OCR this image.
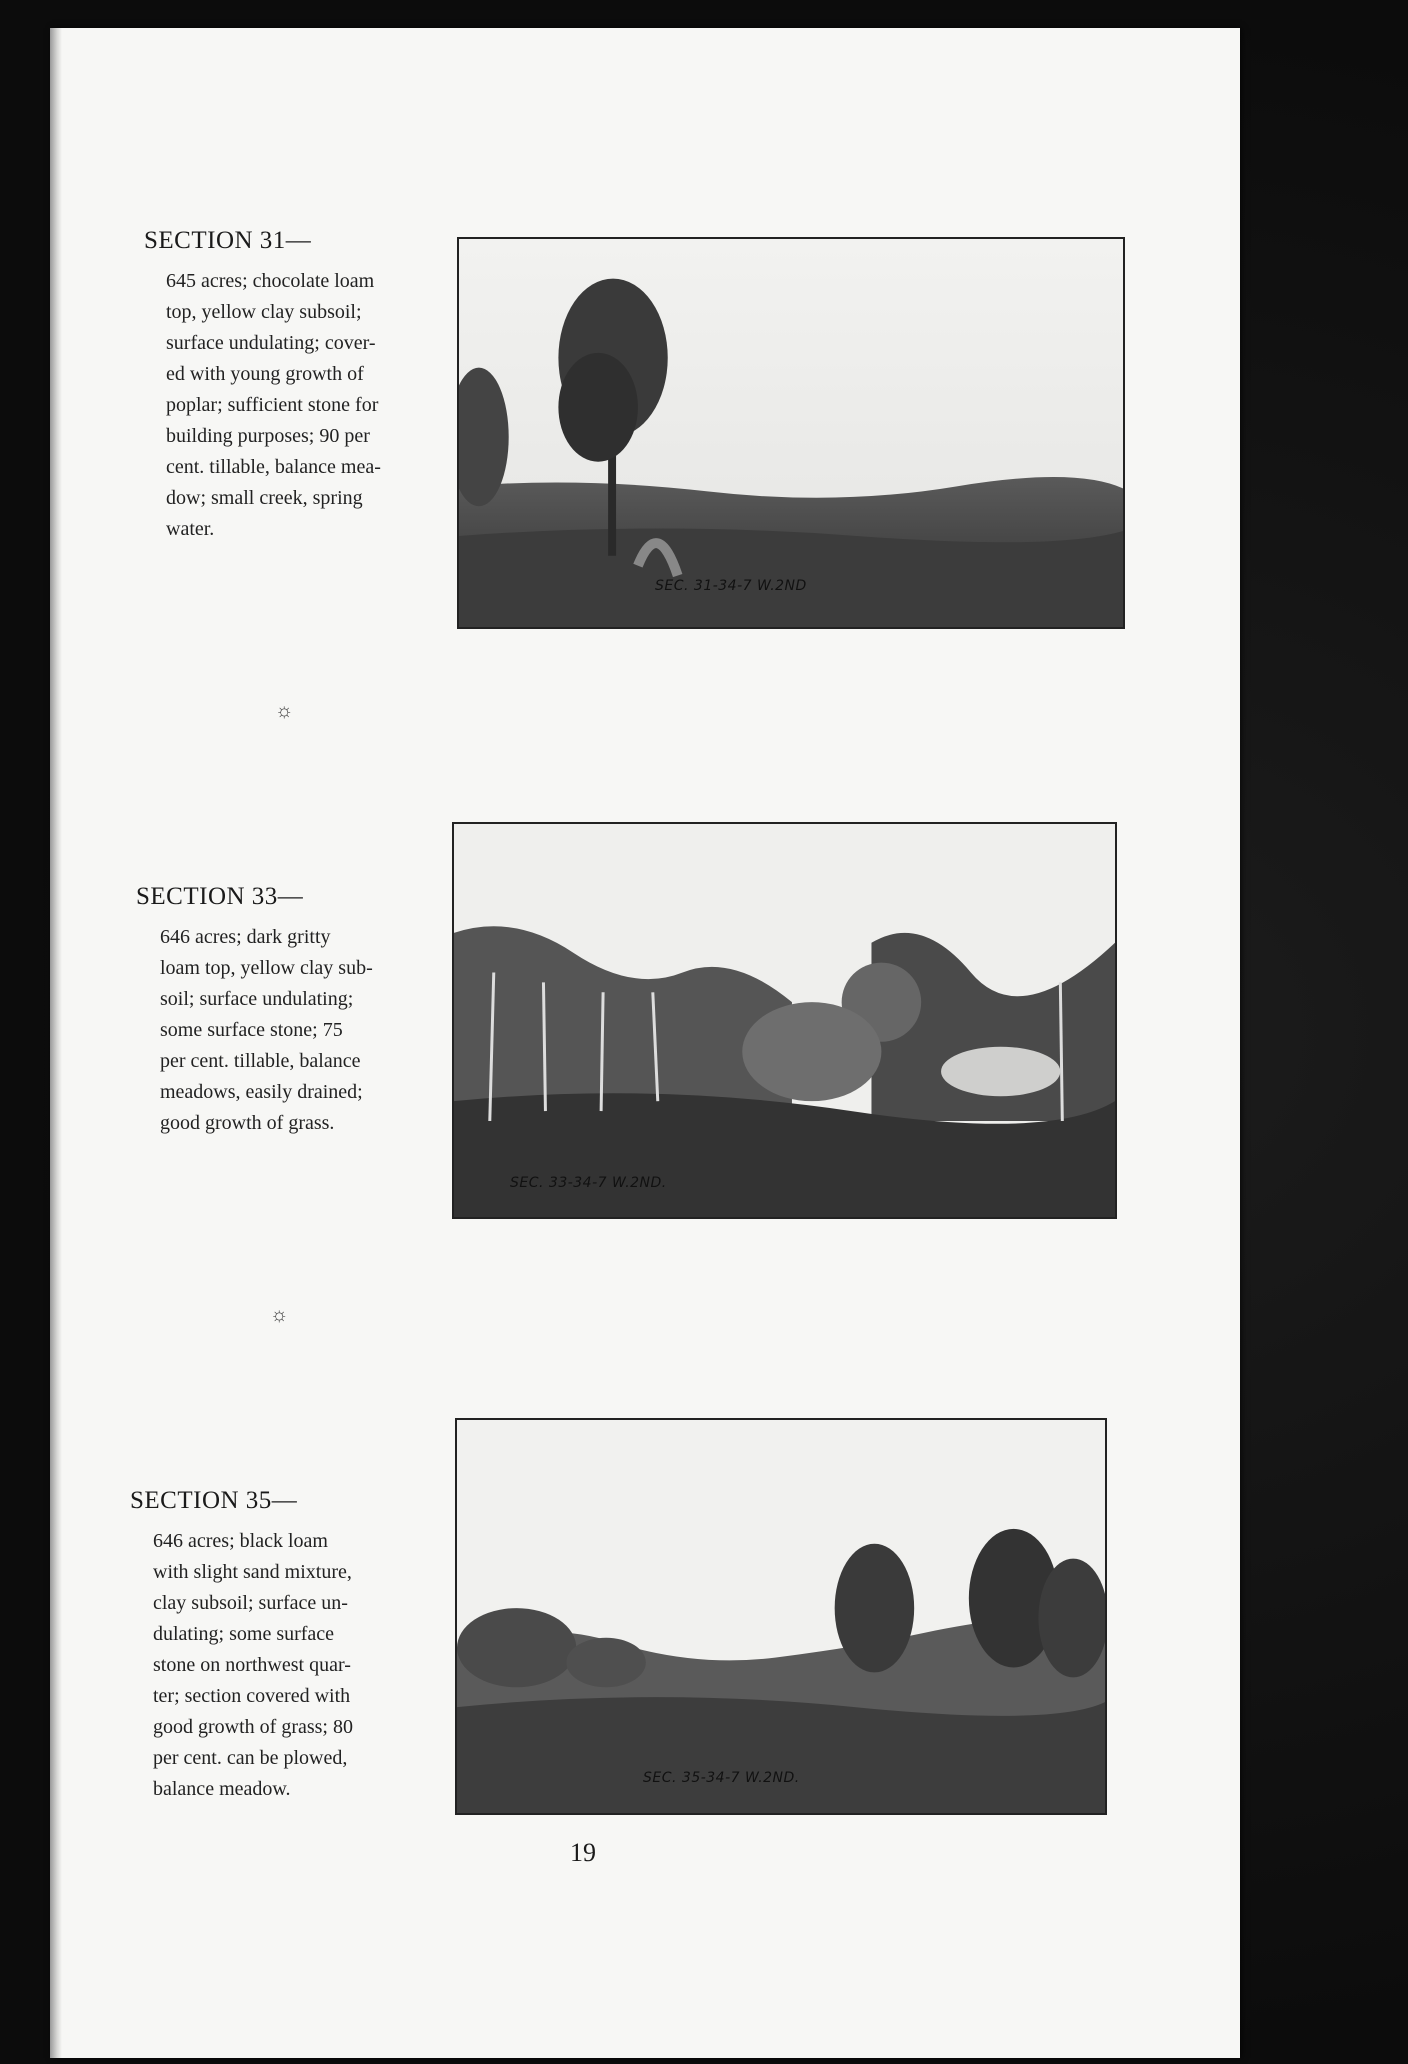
SECTION 31—
645 acres; chocolate loam
top, yellow clay subsoil;
surface undulating; cover-
ed with young growth of
poplar; sufficient stone for
building purposes; 90 per
cent. tillable, balance mea-
dow; small creek, spring
water.
SEC. 31-34-7 W.2ND
☼
SECTION 33—
646 acres; dark gritty
loam top, yellow clay sub-
soil; surface undulating;
some surface stone; 75
per cent. tillable, balance
meadows, easily drained;
good growth of grass.
SEC. 33-34-7 W.2ND.
☼
SECTION 35—
646 acres; black loam
with slight sand mixture,
clay subsoil; surface un-
dulating; some surface
stone on northwest quar-
ter; section covered with
good growth of grass; 80
per cent. can be plowed,
balance meadow.	SEC. 35-34-7 W.2ND.
19
